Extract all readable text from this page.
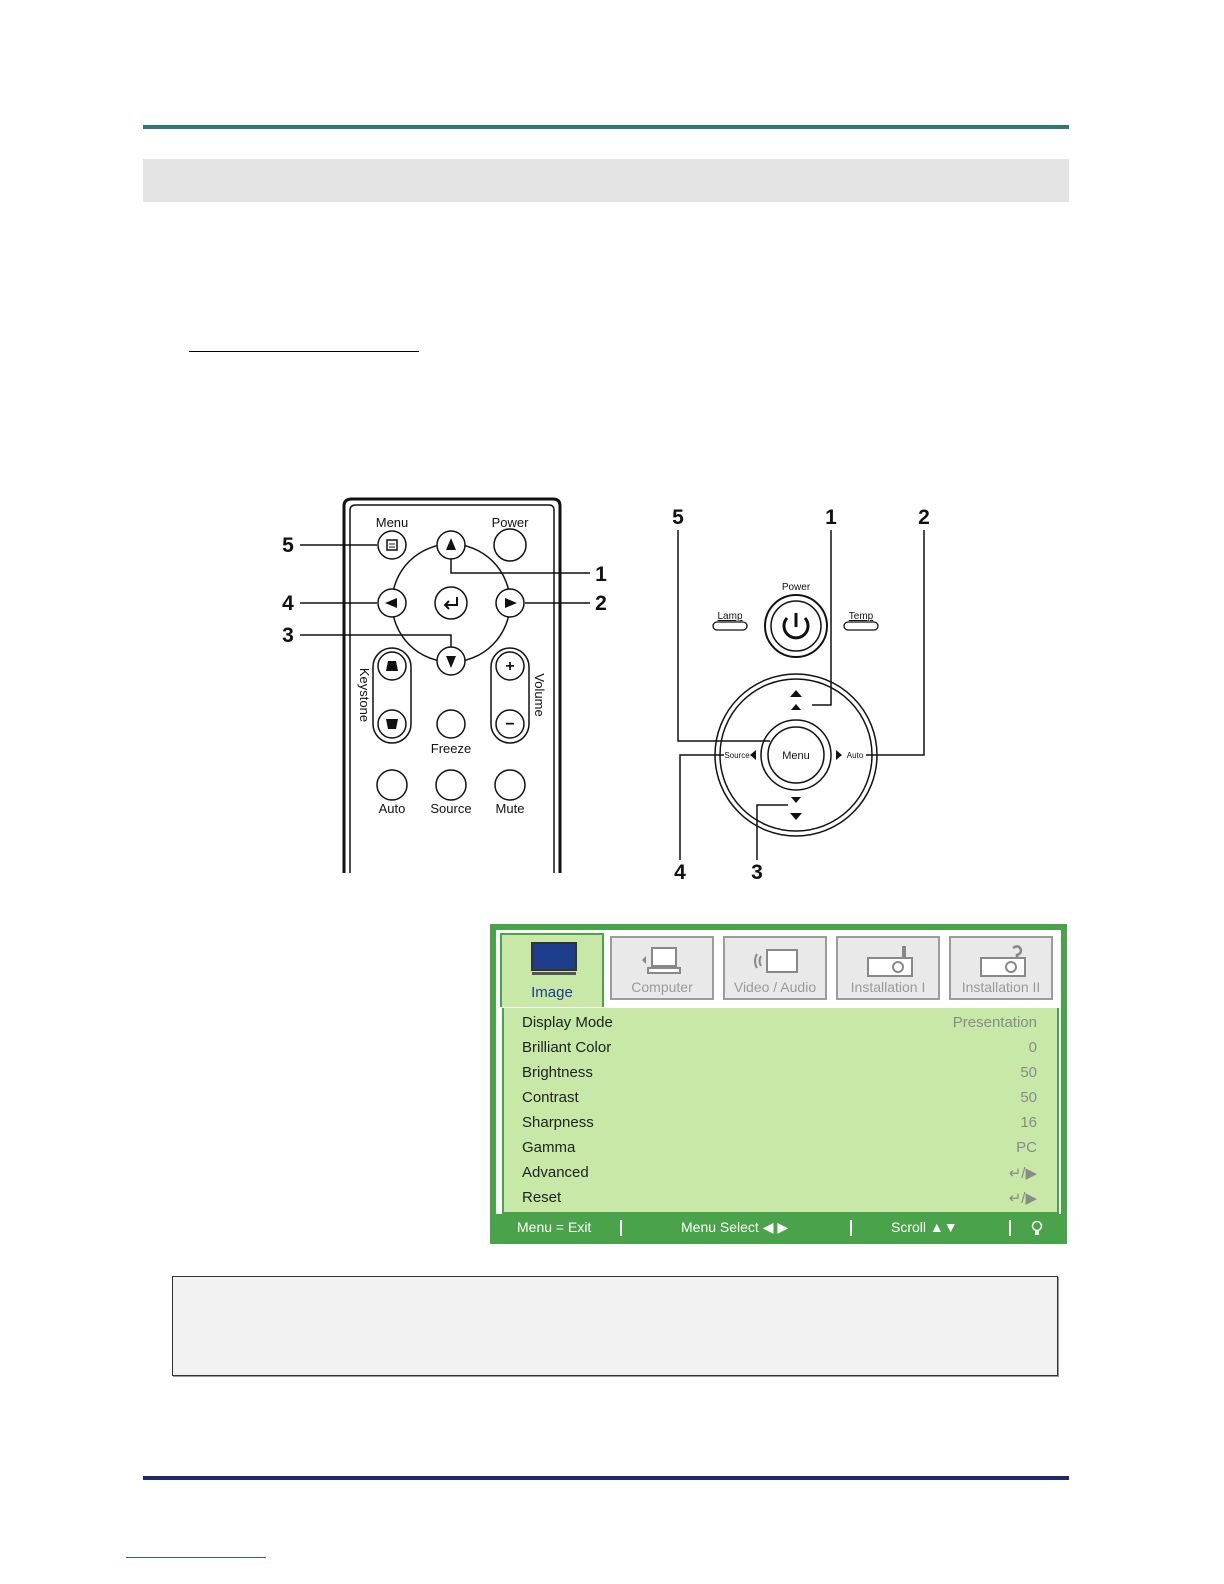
Menu	Power
Keystone
+
−
Volume
Freeze
Auto Source Mute
5
1
4	2
3
Power
Lamp	Temp
Menu
Source	Auto
5	1	2
4	3
Image	Computer	Video / Audio	Installation I	Installation II
Display Mode	Presentation
Brilliant Color	0
Brightness	50
Contrast	50
Sharpness	16
Gamma	PC
Advanced	↵/▶
Reset	↵/▶
Menu = Exit	Menu Select ◀ ▶	Scroll ▲▼
